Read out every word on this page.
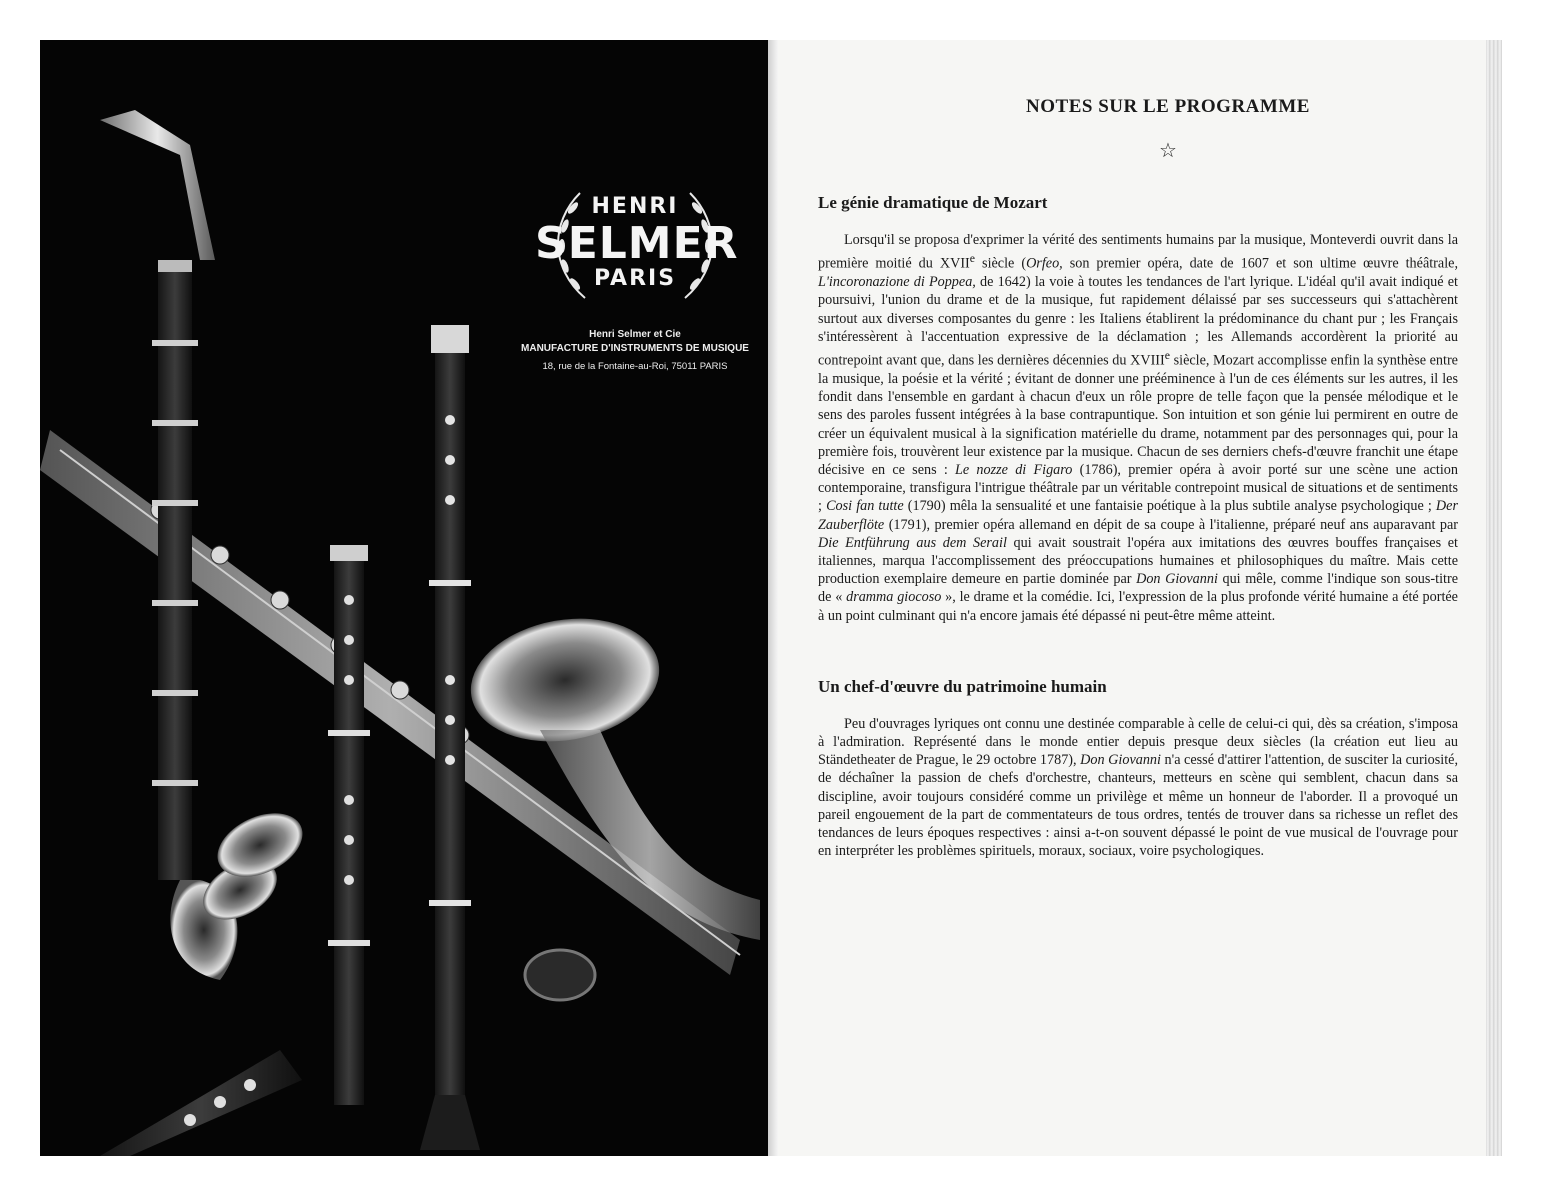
HENRI
SELMER
PARIS
Henri Selmer et Cie
MANUFACTURE D'INSTRUMENTS DE MUSIQUE
18, rue de la Fontaine-au-Roi, 75011 PARIS
NOTES SUR LE PROGRAMME
☆
Le génie dramatique de Mozart

Lorsqu'il se proposa d'exprimer la vérité des sentiments humains par la musique, Monteverdi ouvrit dans la première moitié du XVIIe siècle (Orfeo, son premier opéra, date de 1607 et son ultime œuvre théâtrale, L'incoronazione di Poppea, de 1642) la voie à toutes les tendances de l'art lyrique. L'idéal qu'il avait indiqué et poursuivi, l'union du drame et de la musique, fut rapidement délaissé par ses successeurs qui s'attachèrent surtout aux diverses composantes du genre : les Italiens établirent la prédominance du chant pur ; les Français s'intéressèrent à l'accentuation expressive de la déclamation ; les Allemands accordèrent la priorité au contrepoint avant que, dans les dernières décennies du XVIIIe siècle, Mozart accomplisse enfin la synthèse entre la musique, la poésie et la vérité ; évitant de donner une prééminence à l'un de ces éléments sur les autres, il les fondit dans l'ensemble en gardant à chacun d'eux un rôle propre de telle façon que la pensée mélodique et le sens des paroles fussent intégrées à la base contrapuntique. Son intuition et son génie lui permirent en outre de créer un équivalent musical à la signification matérielle du drame, notamment par des personnages qui, pour la première fois, trouvèrent leur existence par la musique. Chacun de ses derniers chefs-d'œuvre franchit une étape décisive en ce sens : Le nozze di Figaro (1786), premier opéra à avoir porté sur une scène une action contemporaine, transfigura l'intrigue théâtrale par un véritable contrepoint musical de situations et de sentiments ; Cosi fan tutte (1790) mêla la sensualité et une fantaisie poétique à la plus subtile analyse psychologique ; Der Zauberflöte (1791), premier opéra allemand en dépit de sa coupe à l'italienne, préparé neuf ans auparavant par Die Entführung aus dem Serail qui avait soustrait l'opéra aux imitations des œuvres bouffes françaises et italiennes, marqua l'accomplissement des préoccupations humaines et philosophiques du maître. Mais cette production exemplaire demeure en partie dominée par Don Giovanni qui mêle, comme l'indique son sous-titre de « dramma giocoso », le drame et la comédie. Ici, l'expression de la plus profonde vérité humaine a été portée à un point culminant qui n'a encore jamais été dépassé ni peut-être même atteint.

Un chef-d'œuvre du patrimoine humain

Peu d'ouvrages lyriques ont connu une destinée comparable à celle de celui-ci qui, dès sa création, s'imposa à l'admiration. Représenté dans le monde entier depuis presque deux siècles (la création eut lieu au Ständetheater de Prague, le 29 octobre 1787), Don Giovanni n'a cessé d'attirer l'attention, de susciter la curiosité, de déchaîner la passion de chefs d'orchestre, chanteurs, metteurs en scène qui semblent, chacun dans sa discipline, avoir toujours considéré comme un privilège et même un honneur de l'aborder. Il a provoqué un pareil engouement de la part de commentateurs de tous ordres, tentés de trouver dans sa richesse un reflet des tendances de leurs époques respectives : ainsi a-t-on souvent dépassé le point de vue musical de l'ouvrage pour en interpréter les problèmes spirituels, moraux, sociaux, voire psychologiques.
